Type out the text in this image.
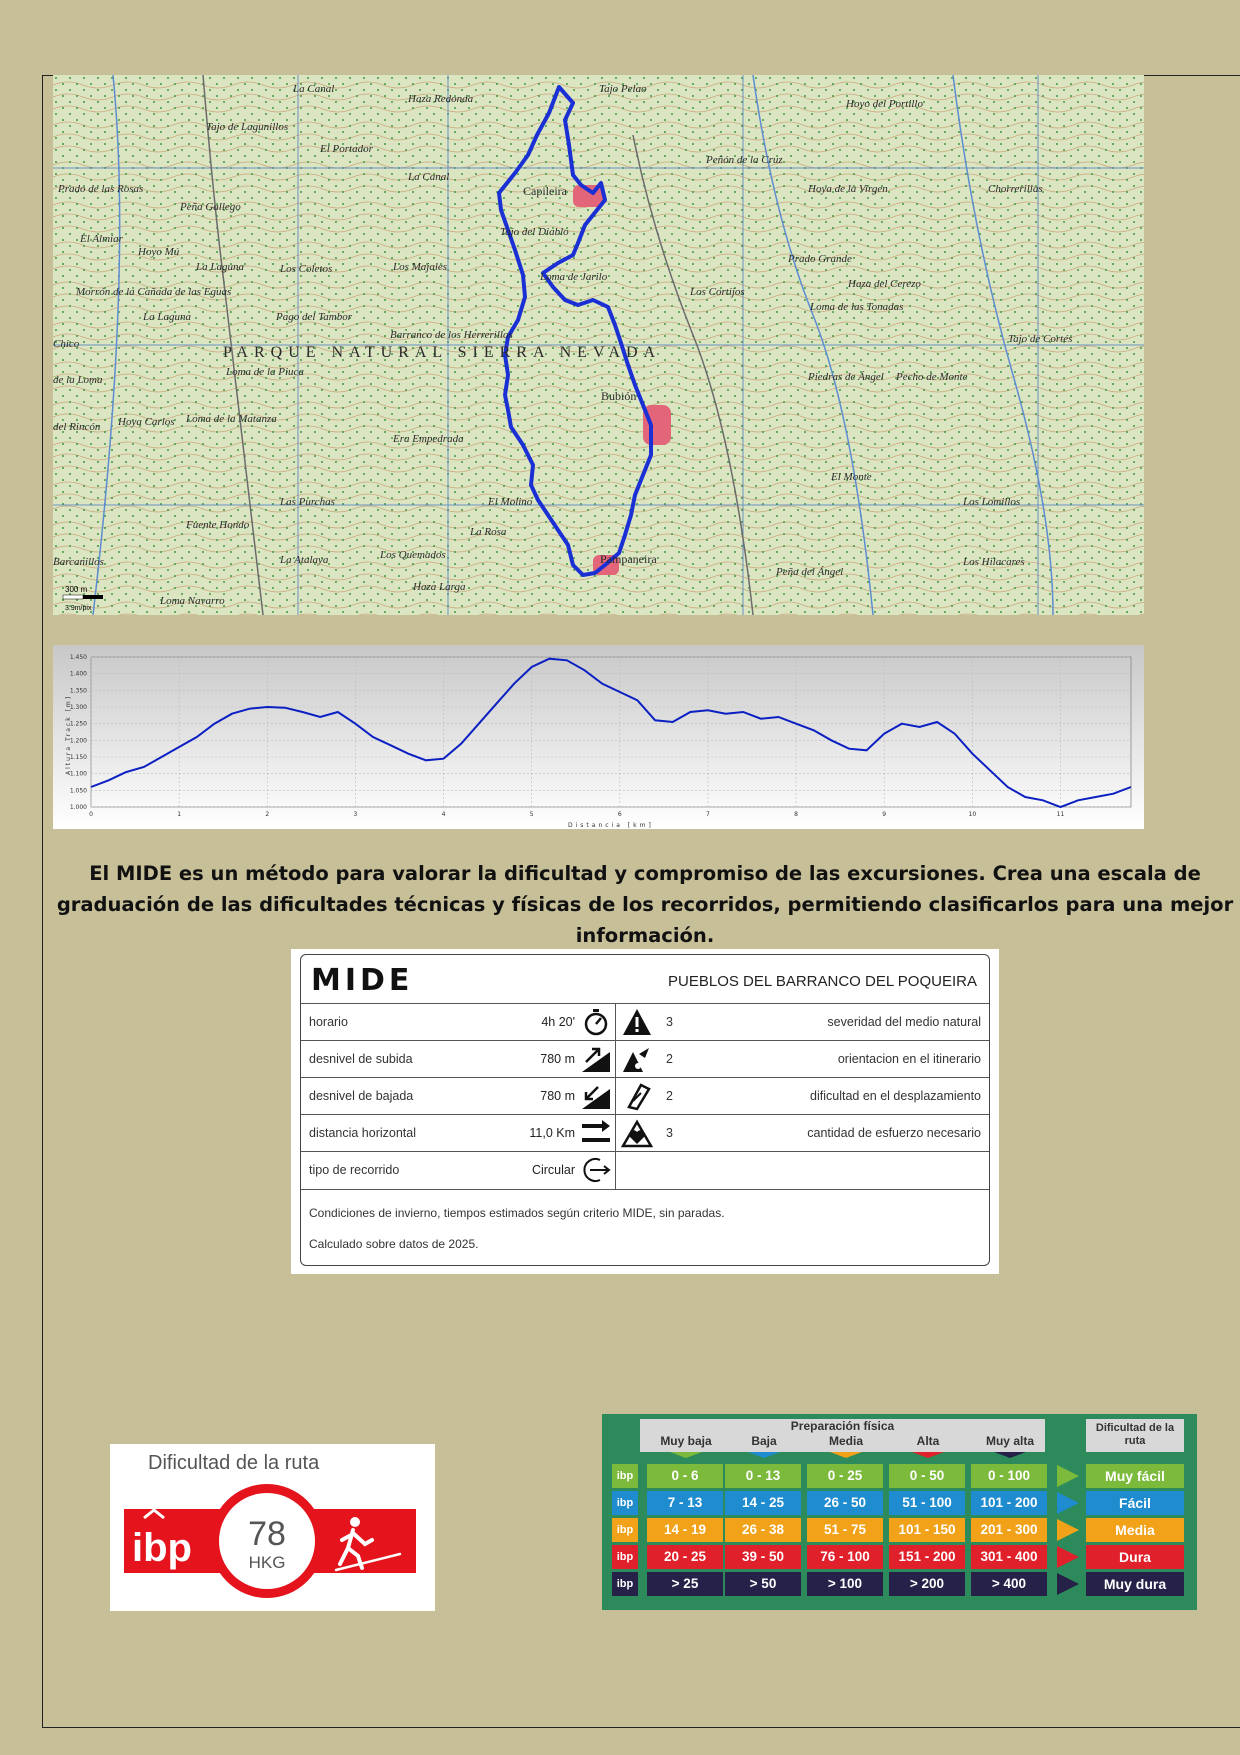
La Canal
Haza Redonda
Tajo Pelao
Hoyo del Portillo
Tajo de Lagunillos
El Portador
Peñón de la Cruz
Prado de las Rosas
La Canal
Capileira	Hoya de la Virgen	Chorrerillas
Peña Gallego
Tajo del Diablo
El Almiar
Hoyo Mú
La Laguna	Los Coletos	Los Majales
Loma de Jarilo
Prado Grande
Haza del Cerezo
Morrón de la Cañada de las Eguas	Los Cortijos
Loma de las Tonadas
La Laguna	Pago del Tambor
Barranco de los Herrerillos	Tajo de Cortés
Chico	PARQUE NATURAL SIERRA NEVADA
Loma de la Piuca
de la Loma
Bubión
Piedras de Ángel Pecho de Monte
Hoya Carlos Loma de la Matanza
Era Empedrada
del Rincón
El Monte
Los Lomillos
Las Purchas	El Molino
Fuente Hondo
La Rosa
La Atalaya	Los Quemados	Pampaneira	Los Hilacares
Barcanillos
Haza Larga
Peña del Ángel
Loma Navarro
300 m
3.9m/pix
1.000
1.050
1.100
1.150
1.200
1.250
1.300
1.350
1.400
1.450
0	1	2	3	4	5	6	7	8	9	10	11
Altura Track [m]
Distancia [km]
El MIDE es un método para valorar la dificultad y compromiso de las excursiones. Crea una escala de graduación de las dificultades técnicas y físicas de los recorridos, permitiendo clasificarlos para una mejor información.
MIDE	PUEBLOS DEL BARRANCO DEL POQUEIRA
horario	4h 20'	3	severidad del medio natural
desnivel de subida	780 m	2	orientacion en el itinerario
desnivel de bajada	780 m	2	dificultad en el desplazamiento
distancia horizontal	11,0 Km	3	cantidad de esfuerzo necesario
tipo de recorrido	Circular
Condiciones de invierno, tiempos estimados según criterio MIDE, sin paradas.
Calculado sobre datos de 2025.
Dificultad de la ruta
ibp 78
HKG
Preparación física
Muy baja	Baja	Media	Alta	Muy alta
Dificultad de la ruta
ibp	0 - 6	0 - 13	0 - 25	0 - 50	0 - 100	Muy fácil
ibp	7 - 13	14 - 25	26 - 50	51 - 100	101 - 200	Fácil
ibp	14 - 19	26 - 38	51 - 75	101 - 150	201 - 300	Media
ibp	20 - 25	39 - 50	76 - 100	151 - 200	301 - 400	Dura
ibp	> 25	> 50	> 100	> 200	> 400	Muy dura
